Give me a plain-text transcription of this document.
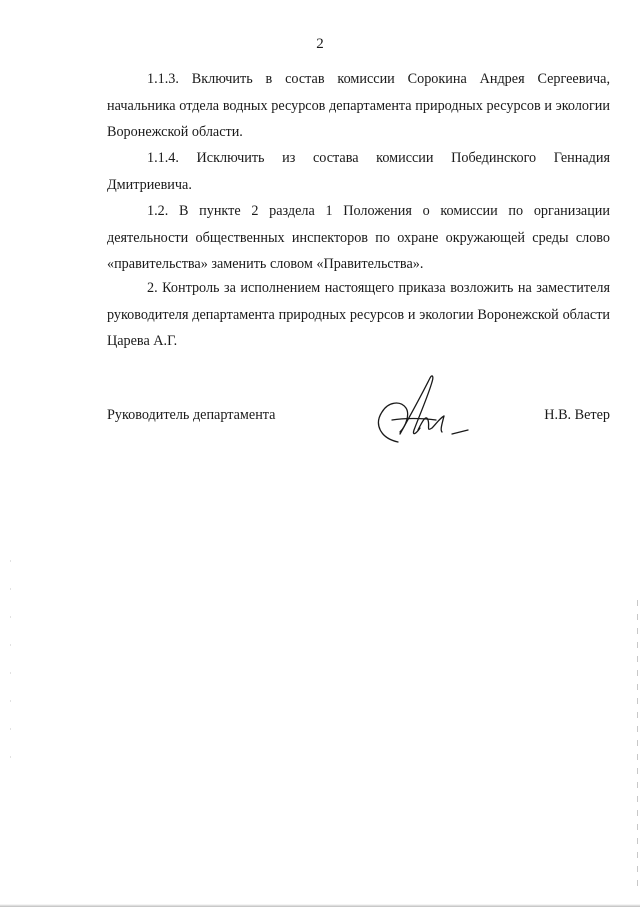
2

1.1.3. Включить в состав комиссии Сорокина Андрея Сергеевича, начальника отдела водных ресурсов департамента природных ресурсов и экологии Воронежской области.

1.1.4. Исключить из состава комиссии Побединского Геннадия Дмитриевича.

1.2. В пункте 2 раздела 1 Положения о комиссии по организации деятельности общественных инспекторов по охране окружающей среды слово «правительства» заменить словом «Правительства».

2. Контроль за исполнением настоящего приказа возложить на заместителя руководителя департамента природных ресурсов и экологии Воронежской области Царева А.Г.

Руководитель департамента	Н.В. Ветер
